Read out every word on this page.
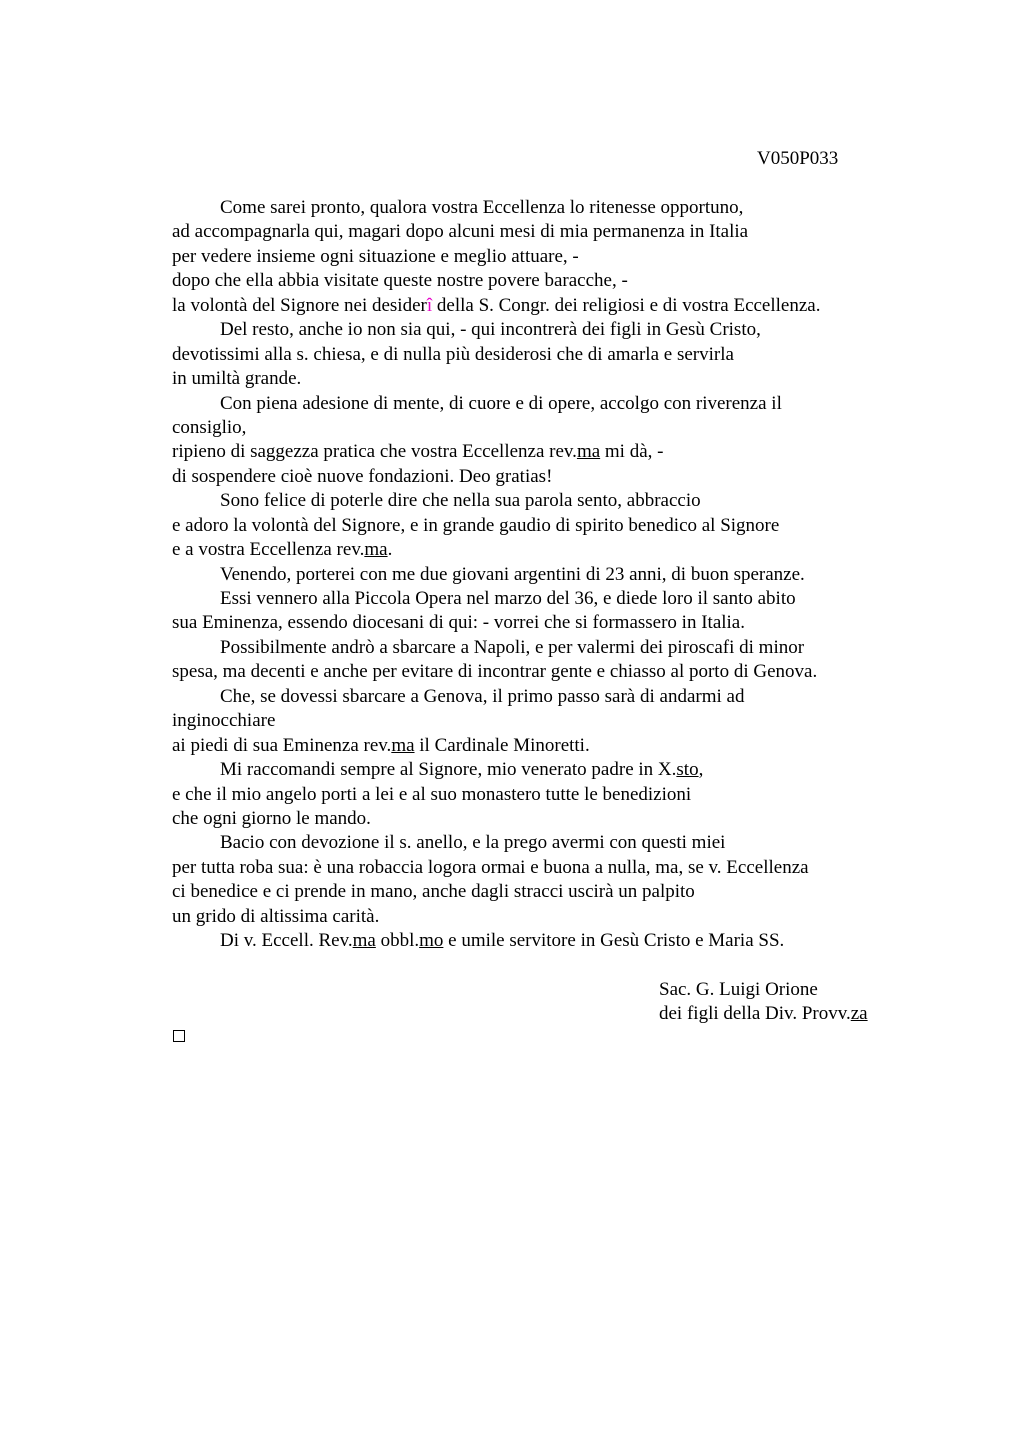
V050P033
Come sarei pronto, qualora vostra Eccellenza lo ritenesse opportuno,
ad accompagnarla qui, magari dopo alcuni mesi di mia permanenza in Italia
per vedere insieme ogni situazione e meglio attuare, -
dopo che ella abbia visitate queste nostre povere baracche, -
la volontà del Signore nei desiderî della S. Congr. dei religiosi e di vostra Eccellenza.
Del resto, anche io non sia qui, - qui incontrerà dei figli in Gesù Cristo,
devotissimi alla s. chiesa, e di nulla più desiderosi che di amarla e servirla
in umiltà grande.
Con piena adesione di mente, di cuore e di opere, accolgo con riverenza il
consiglio,
ripieno di saggezza pratica che vostra Eccellenza rev.ma mi dà, -
di sospendere cioè nuove fondazioni. Deo gratias!
Sono felice di poterle dire che nella sua parola sento, abbraccio
e adoro la volontà del Signore, e in grande gaudio di spirito benedico al Signore
e a vostra Eccellenza rev.ma.
Venendo, porterei con me due giovani argentini di 23 anni, di buon speranze.
Essi vennero alla Piccola Opera nel marzo del 36, e diede loro il santo abito
sua Eminenza, essendo diocesani di qui: - vorrei che si formassero in Italia.
Possibilmente andrò a sbarcare a Napoli, e per valermi dei piroscafi di minor
spesa, ma decenti e anche per evitare di incontrar gente e chiasso al porto di Genova.
Che, se dovessi sbarcare a Genova, il primo passo sarà di andarmi ad
inginocchiare
ai piedi di sua Eminenza rev.ma il Cardinale Minoretti.
Mi raccomandi sempre al Signore, mio venerato padre in X.sto,
e che il mio angelo porti a lei e al suo monastero tutte le benedizioni
che ogni giorno le mando.
Bacio con devozione il s. anello, e la prego avermi con questi miei
per tutta roba sua: è una robaccia logora ormai e buona a nulla, ma, se v. Eccellenza
ci benedice e ci prende in mano, anche dagli stracci uscirà un palpito
un grido di altissima carità.
Di v. Eccell. Rev.ma obbl.mo e umile servitore in Gesù Cristo e Maria SS.
Sac. G. Luigi Orione
dei figli della Div. Provv.za
